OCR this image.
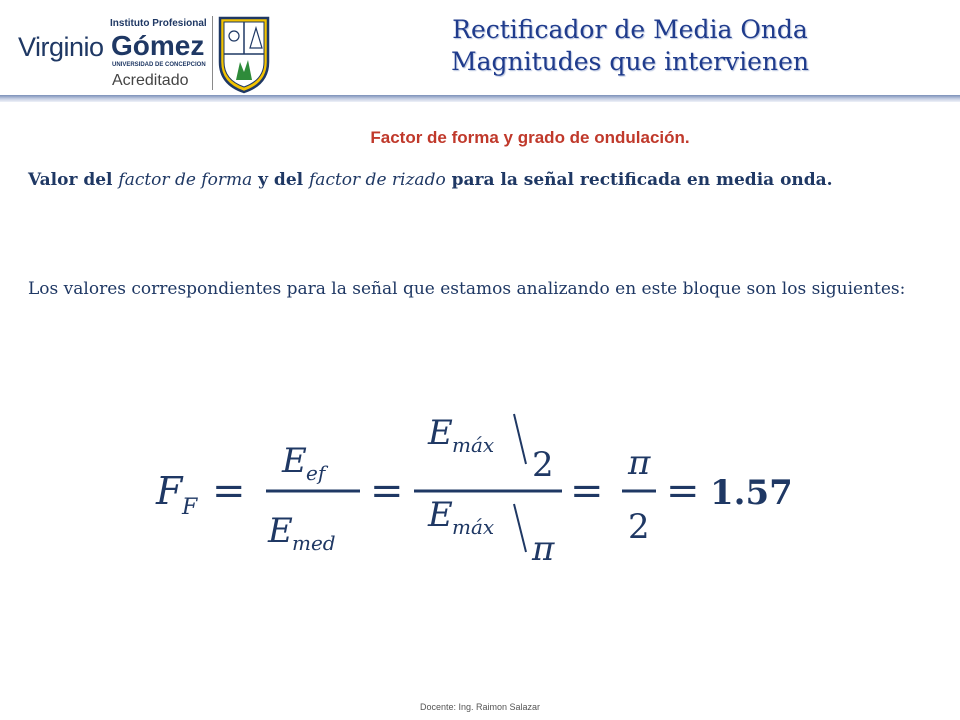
Instituto Profesional
Virginio Gómez
UNIVERSIDAD DE CONCEPCION
Acreditado
Rectificador de Media Onda
Magnitudes que intervienen
Factor de forma y grado de ondulación.
Valor del factor de forma y del factor de rizado para la señal rectificada en media onda.
Los valores correspondientes para la señal que estamos analizando en este bloque son los siguientes:
F F =
E ef
E med
=
E máx 2
E máx
π
=
π
2
= 𝟏.𝟓𝟕
Docente: Ing. Raimon Salazar
